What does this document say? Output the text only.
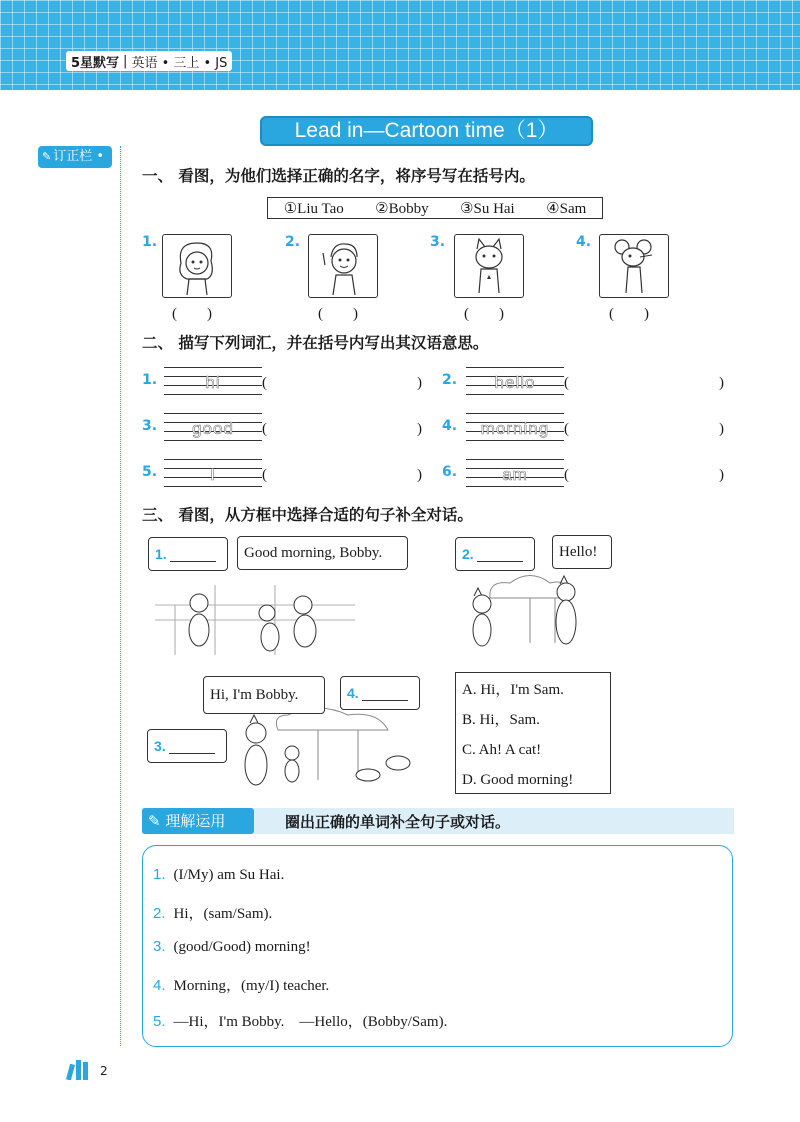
5星默写 | 英语 • 三上 • JS
Lead in—Cartoon time（1）
✎ 订正栏 •
一、 看图，为他们选择正确的名字，将序号写在括号内。
①Liu Tao ②Bobby ③Su Hai ④Sam
1.
(　　)
2.
(　　)
3.
(　　)
4.
(　　)
二、 描写下列词汇，并在括号内写出其汉语意思。
1.	hi	(　　　　　　　　　　) 2.	hello	(　　　　　　　　　　)
3.	good	(　　　　　　　　　　) 4.	morning (　　　　　　　　　　)
5.	I	(　　　　　　　　　　) 6.	am	(　　　　　　　　　　)
三、 看图，从方框中选择合适的句子补全对话。
1.	Good morning, Bobby.	2.	Hello!
Hi, I'm Bobby.
3.
4.	A. Hi，I'm Sam.
B. Hi，Sam.
C. Ah! A cat!
D. Good morning!
✎ 理解运用	圈出正确的单词补全句子或对话。
1. (I/My) am Su Hai.
2. Hi，(sam/Sam).
3. (good/Good) morning!
4. Morning，(my/I) teacher.
5. —Hi，I'm Bobby.　—Hello，(Bobby/Sam).
2
